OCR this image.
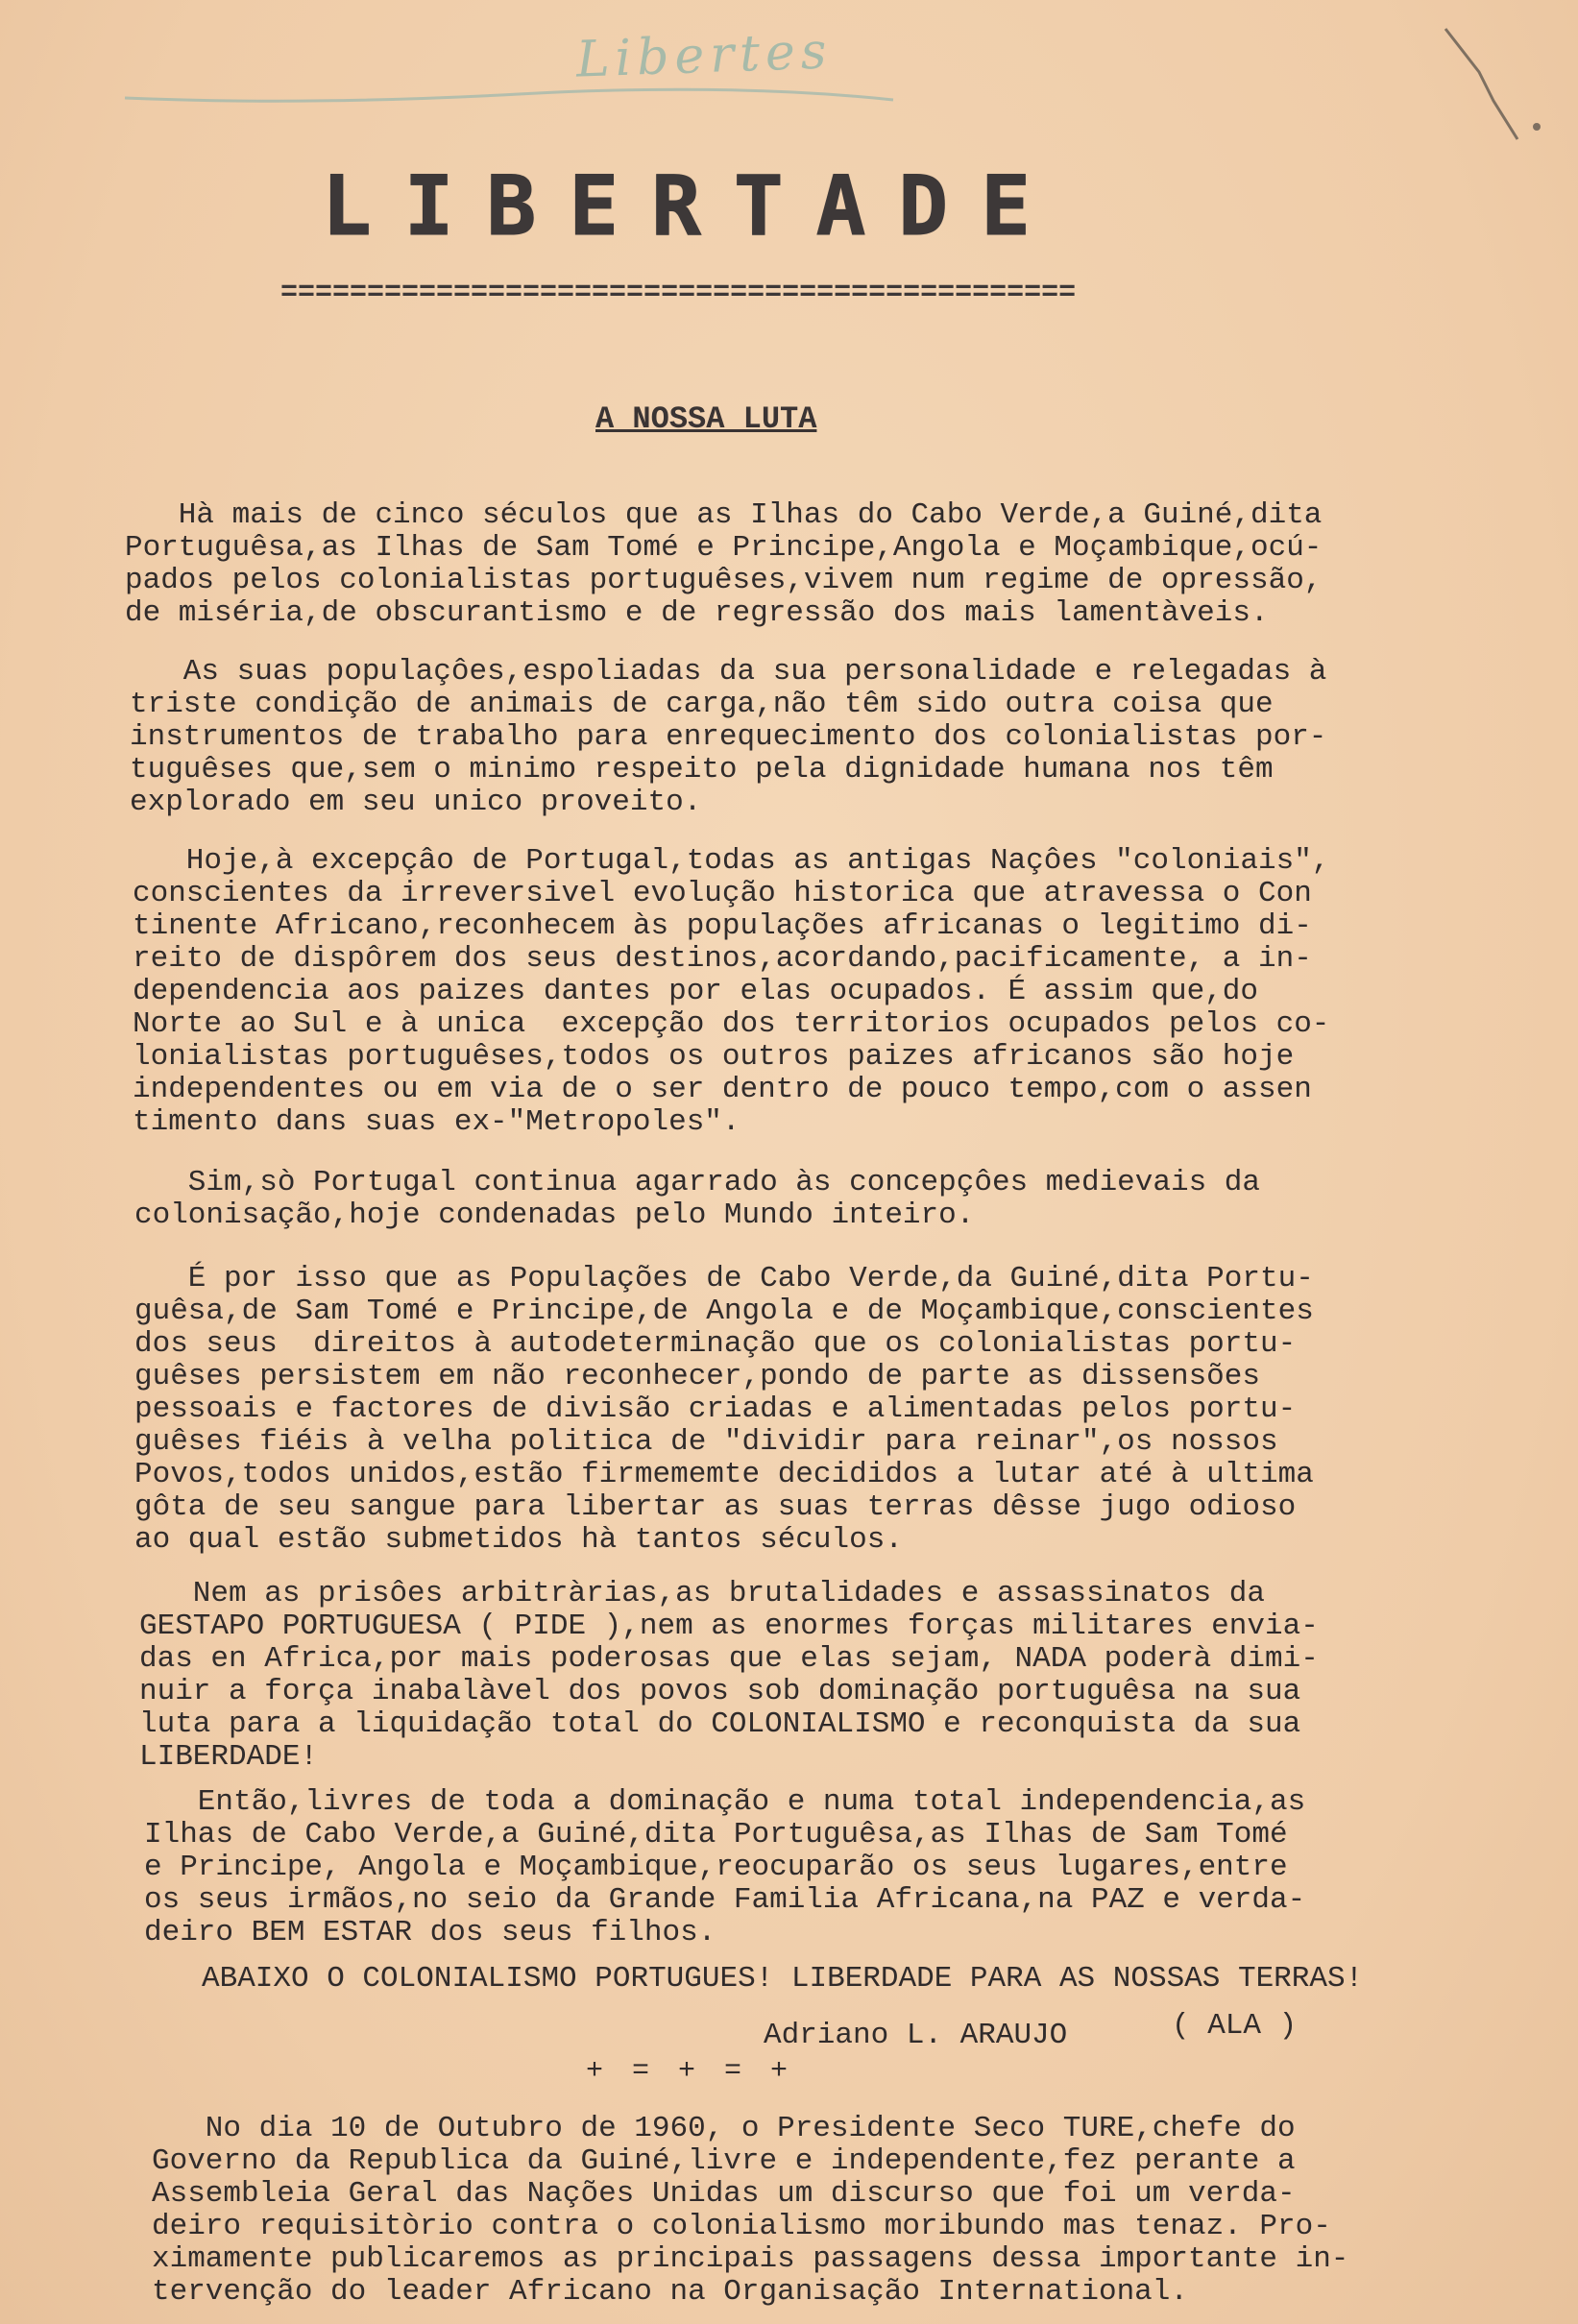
Libertes
LIBERTADE
==============================================
A NOSSA LUTA
Hà mais de cinco séculos que as Ilhas do Cabo Verde,a Guiné,dita
Portuguêsa,as Ilhas de Sam Tomé e Principe,Angola e Moçambique,ocú-
pados pelos colonialistas portuguêses,vivem num regime de opressão,
de miséria,de obscurantismo e de regressão dos mais lamentàveis.
As suas populaçôes,espoliadas da sua personalidade e relegadas à
triste condição de animais de carga,não têm sido outra coisa que
instrumentos de trabalho para enrequecimento dos colonialistas por-
tuguêses que,sem o minimo respeito pela dignidade humana nos têm
explorado em seu unico proveito.
Hoje,à excepçâo de Portugal,todas as antigas Naçôes "coloniais",
conscientes da irreversivel evolução historica que atravessa o Con
tinente Africano,reconhecem às populações africanas o legitimo di-
reito de dispôrem dos seus destinos,acordando,pacificamente, a in-
dependencia aos paizes dantes por elas ocupados. É assim que,do
Norte ao Sul e à unica  excepção dos territorios ocupados pelos co-
lonialistas portuguêses,todos os outros paizes africanos são hoje
independentes ou em via de o ser dentro de pouco tempo,com o assen
timento dans suas ex-"Metropoles".
Sim,sò Portugal continua agarrado às concepçôes medievais da
colonisação,hoje condenadas pelo Mundo inteiro.
É por isso que as Populações de Cabo Verde,da Guiné,dita Portu-
guêsa,de Sam Tomé e Principe,de Angola e de Moçambique,conscientes
dos seus  direitos à autodeterminação que os colonialistas portu-
guêses persistem em não reconhecer,pondo de parte as dissensões
pessoais e factores de divisão criadas e alimentadas pelos portu-
guêses fiéis à velha politica de "dividir para reinar",os nossos
Povos,todos unidos,estão firmememte decididos a lutar até à ultima
gôta de seu sangue para libertar as suas terras dêsse jugo odioso
ao qual estão submetidos hà tantos séculos.
Nem as prisôes arbitràrias,as brutalidades e assassinatos da
GESTAPO PORTUGUESA ( PIDE ),nem as enormes forças militares envia-
das en Africa,por mais poderosas que elas sejam, NADA poderà dimi-
nuir a força inabalàvel dos povos sob dominação portuguêsa na sua
luta para a liquidação total do COLONIALISMO e reconquista da sua
LIBERDADE!
Então,livres de toda a dominação e numa total independencia,as
Ilhas de Cabo Verde,a Guiné,dita Portuguêsa,as Ilhas de Sam Tomé
e Principe, Angola e Moçambique,reocuparão os seus lugares,entre
os seus irmãos,no seio da Grande Familia Africana,na PAZ e verda-
deiro BEM ESTAR dos seus filhos.
ABAIXO O COLONIALISMO PORTUGUES! LIBERDADE PARA AS NOSSAS TERRAS!
Adriano L. ARAUJO	( ALA )
+ = + = +
No dia 10 de Outubro de 1960, o Presidente Seco TURE,chefe do
Governo da Republica da Guiné,livre e independente,fez perante a
Assembleia Geral das Nações Unidas um discurso que foi um verda-
deiro requisitòrio contra o colonialismo moribundo mas tenaz. Pro-
ximamente publicaremos as principais passagens dessa importante in-
tervenção do leader Africano na Organisação International.
